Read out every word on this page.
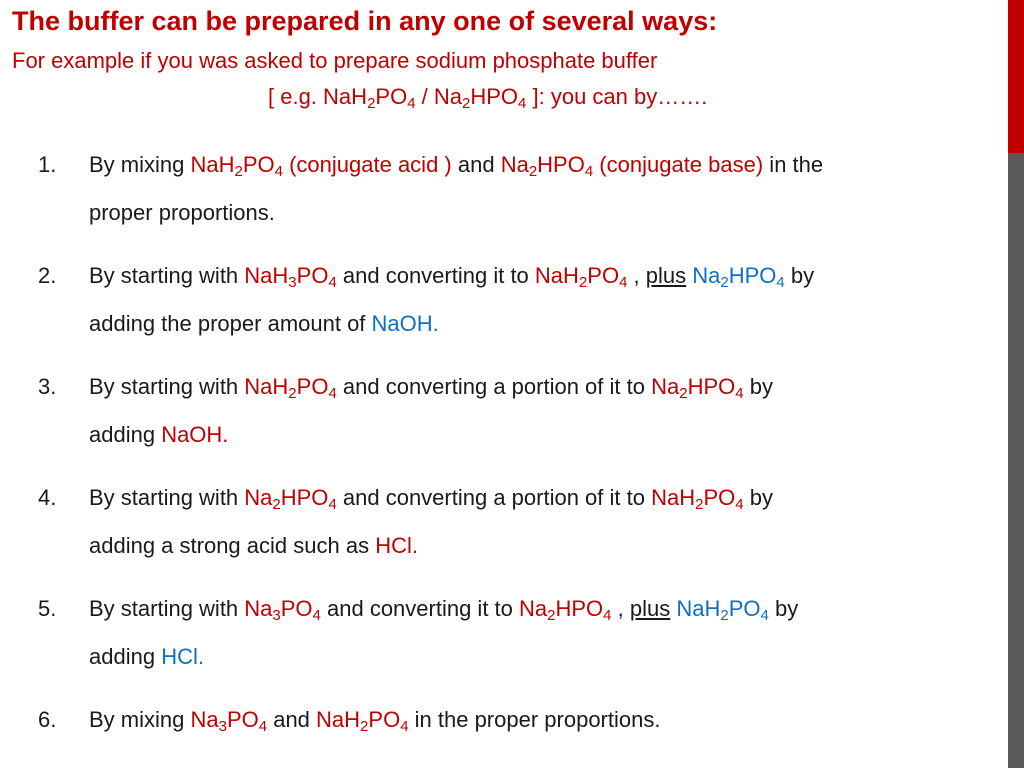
The buffer can be prepared in any one of several ways:

For example if you was asked to prepare sodium phosphate buffer

[ e.g. $NaH_2PO_4 / Na_2HPO_4$ ]: you can by…….

1. By mixing $NaH_2PO_4$ (conjugate acid ) and $Na_2HPO_4$ (conjugate base) in the
proper proportions.
2. By starting with $NaH_3PO_4$ and converting it to $NaH_2PO_4$ , plus $Na_2HPO_4$ by
adding the proper amount of NaOH.
3. By starting with $NaH_2PO_4$ and converting a portion of it to $Na_2HPO_4$ by
adding NaOH.
4. By starting with $Na_2HPO_4$ and converting a portion of it to $NaH_2PO_4$ by
adding a strong acid such as HCl.
5. By starting with $Na_3PO_4$ and converting it to $Na_2HPO_4$ , plus $NaH_2PO_4$ by
adding HCl.
6. By mixing $Na_3PO_4$ and $NaH_2PO_4$ in the proper proportions.
